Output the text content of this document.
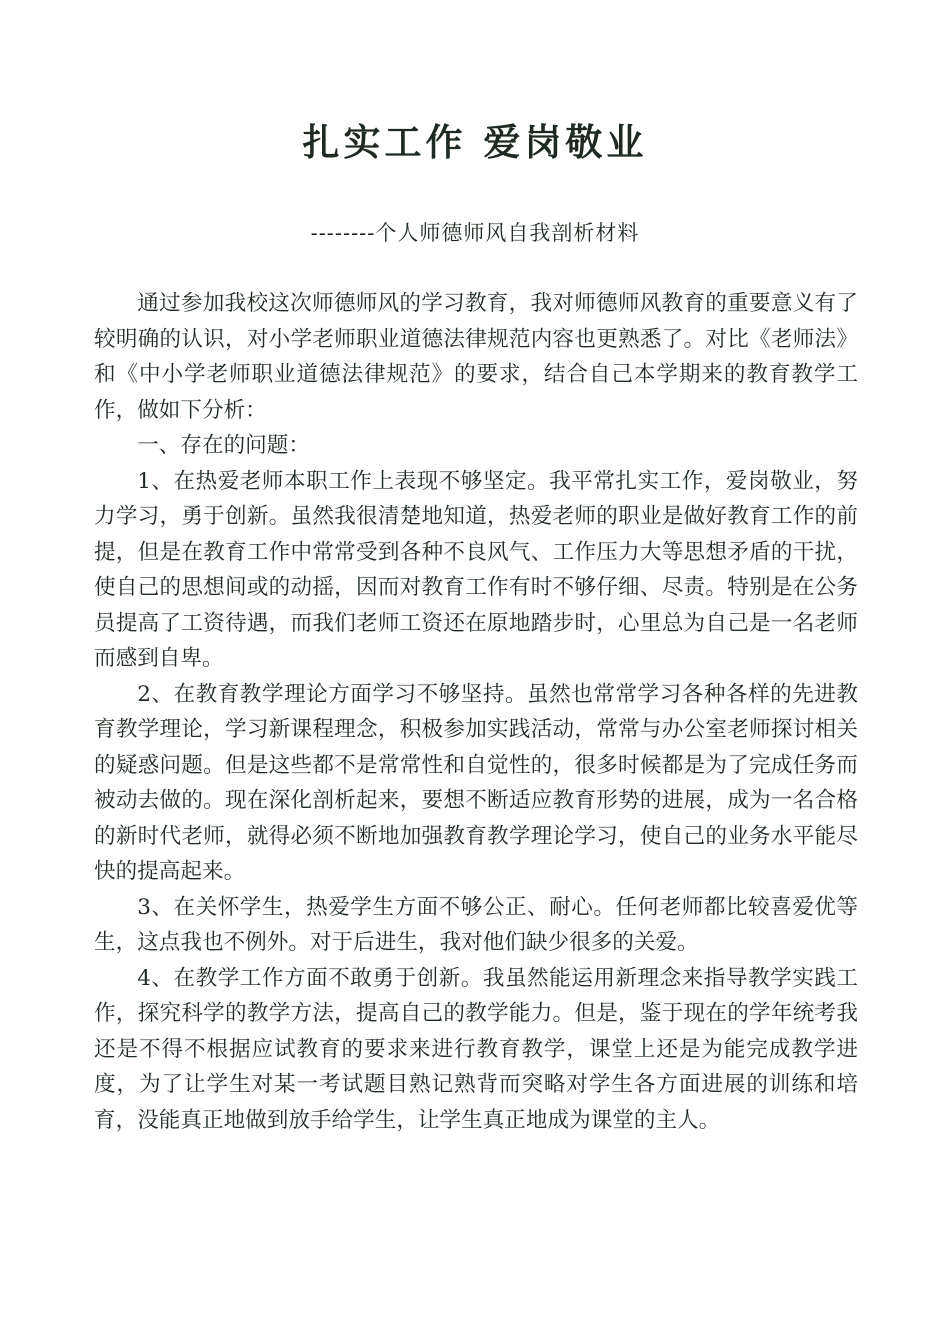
扎实工作 爱岗敬业
--------个人师德师风自我剖析材料

通过参加我校这次师德师风的学习教育，我对师德师风教育的重要意义有了较明确的认识，对小学老师职业道德法律规范内容也更熟悉了。对比《老师法》和《中小学老师职业道德法律规范》的要求，结合自己本学期来的教育教学工作，做如下分析：

一、存在的问题：

1、在热爱老师本职工作上表现不够坚定。我平常扎实工作，爱岗敬业，努力学习，勇于创新。虽然我很清楚地知道，热爱老师的职业是做好教育工作的前提，但是在教育工作中常常受到各种不良风气、工作压力大等思想矛盾的干扰，使自己的思想间或的动摇，因而对教育工作有时不够仔细、尽责。特别是在公务员提高了工资待遇，而我们老师工资还在原地踏步时，心里总为自己是一名老师而感到自卑。

2、在教育教学理论方面学习不够坚持。虽然也常常学习各种各样的先进教育教学理论，学习新课程理念，积极参加实践活动，常常与办公室老师探讨相关的疑惑问题。但是这些都不是常常性和自觉性的，很多时候都是为了完成任务而被动去做的。现在深化剖析起来，要想不断适应教育形势的进展，成为一名合格的新时代老师，就得必须不断地加强教育教学理论学习，使自己的业务水平能尽快的提高起来。

3、在关怀学生，热爱学生方面不够公正、耐心。任何老师都比较喜爱优等生，这点我也不例外。对于后进生，我对他们缺少很多的关爱。

4、在教学工作方面不敢勇于创新。我虽然能运用新理念来指导教学实践工作，探究科学的教学方法，提高自己的教学能力。但是，鉴于现在的学年统考我还是不得不根据应试教育的要求来进行教育教学，课堂上还是为能完成教学进度，为了让学生对某一考试题目熟记熟背而突略对学生各方面进展的训练和培育，没能真正地做到放手给学生，让学生真正地成为课堂的主人。
